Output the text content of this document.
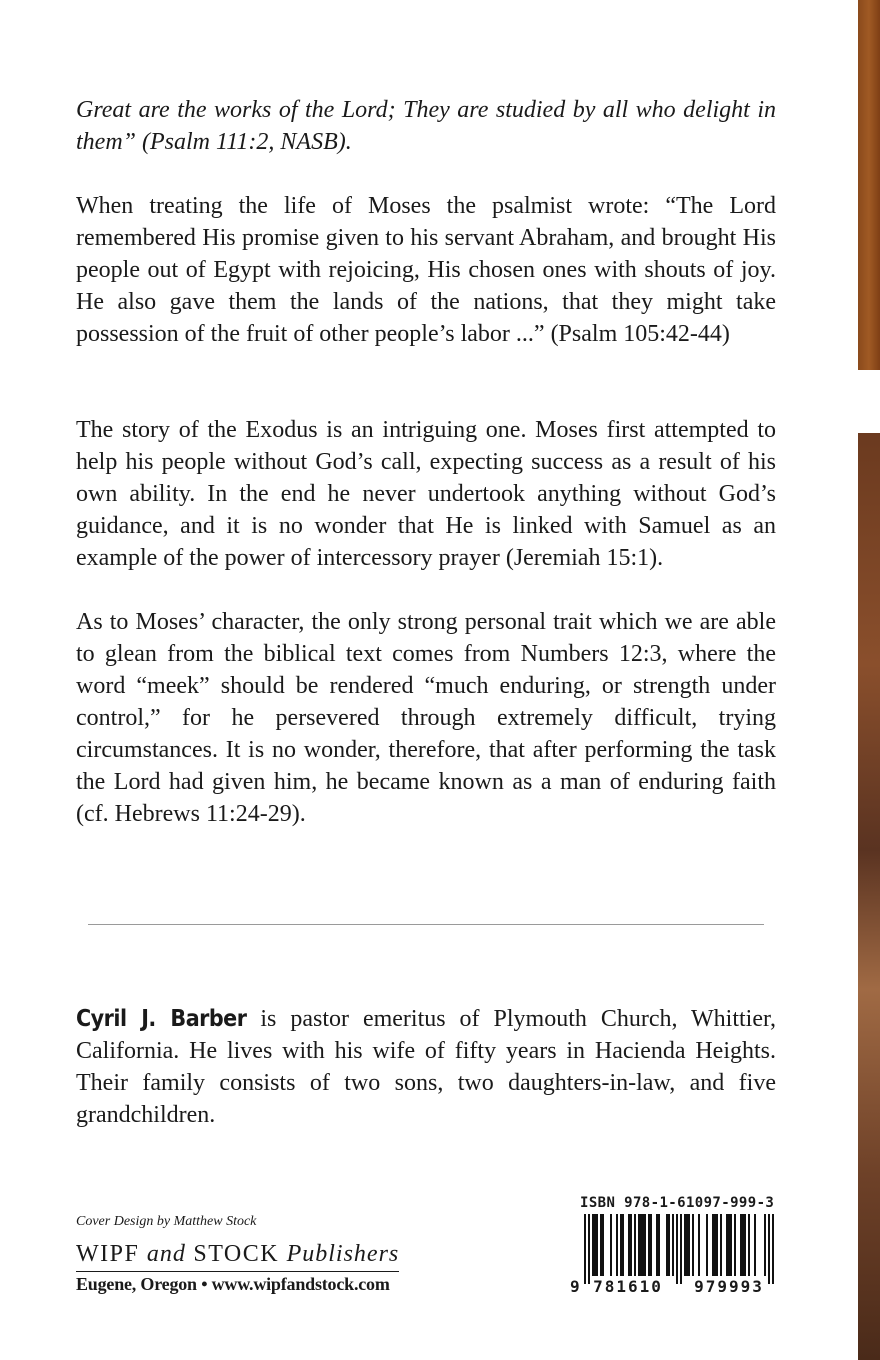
Great are the works of the Lord; They are studied by all who delight in them” (Psalm 111:2, NASB).

When treating the life of Moses the psalmist wrote: “The Lord remembered His promise given to his servant Abraham, and brought His people out of Egypt with rejoicing, His chosen ones with shouts of joy. He also gave them the lands of the nations, that they might take possession of the fruit of other people’s labor ...” (Psalm 105:42-44)

The story of the Exodus is an intriguing one. Moses first attempted to help his people without God’s call, expecting success as a result of his own ability. In the end he never undertook anything without God’s guidance, and it is no wonder that He is linked with Samuel as an example of the power of intercessory prayer (Jeremiah 15:1).

As to Moses’ character, the only strong personal trait which we are able to glean from the biblical text comes from Numbers 12:3, where the word “meek” should be rendered “much enduring, or strength under control,” for he persevered through extremely difficult, trying circumstances. It is no wonder, therefore, that after performing the task the Lord had given him, he became known as a man of enduring faith (cf. Hebrews 11:24-29).

Cyril J. Barber is pastor emeritus of Plymouth Church, Whittier, California. He lives with his wife of fifty years in Hacienda Heights. Their family consists of two sons, two daughters-in-law, and five grandchildren.

Cover Design by Matthew Stock
WIPF and STOCK Publishers
Eugene, Oregon • www.wipfandstock.com
ISBN 978-1-61097-999-3
9 781610 979993
